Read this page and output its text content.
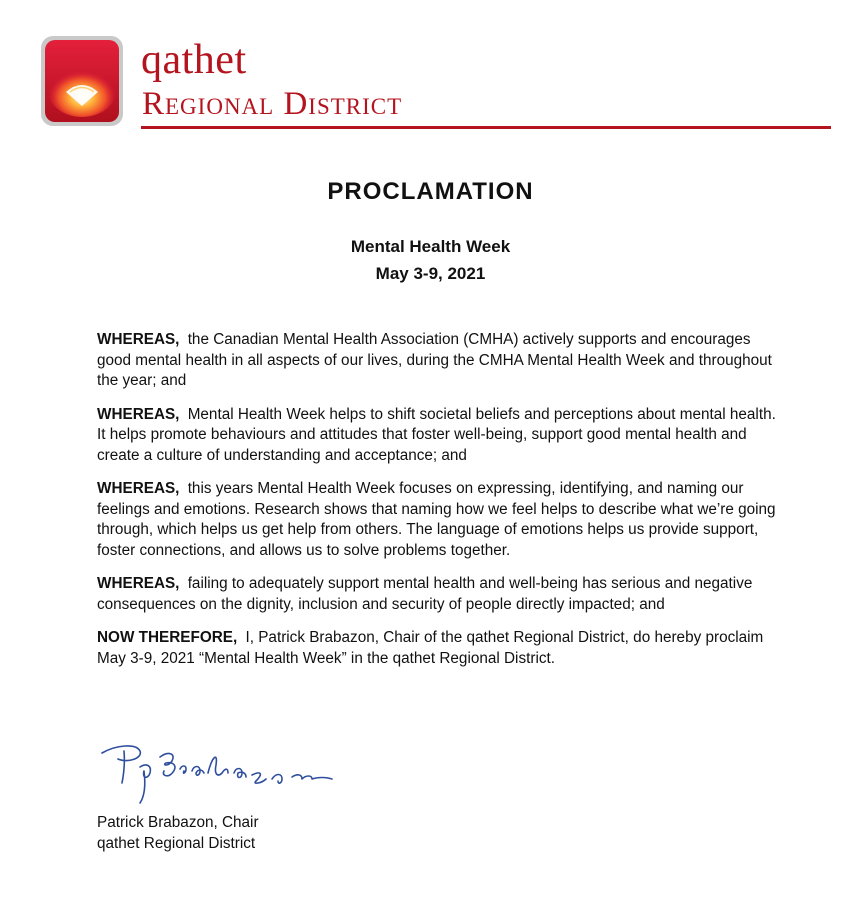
qathet
Regional District
PROCLAMATION
Mental Health Week
May 3-9, 2021

WHEREAS, the Canadian Mental Health Association (CMHA) actively supports and encourages good mental health in all aspects of our lives, during the CMHA Mental Health Week and throughout the year; and

WHEREAS, Mental Health Week helps to shift societal beliefs and perceptions about mental health. It helps promote behaviours and attitudes that foster well-being, support good mental health and create a culture of understanding and acceptance; and

WHEREAS, this years Mental Health Week focuses on expressing, identifying, and naming our feelings and emotions. Research shows that naming how we feel helps to describe what we’re going through, which helps us get help from others. The language of emotions helps us provide support, foster connections, and allows us to solve problems together.

WHEREAS, failing to adequately support mental health and well-being has serious and negative consequences on the dignity, inclusion and security of people directly impacted; and

NOW THEREFORE, I, Patrick Brabazon, Chair of the qathet Regional District, do hereby proclaim May 3-9, 2021 “Mental Health Week” in the qathet Regional District.

Patrick Brabazon, Chair
qathet Regional District
